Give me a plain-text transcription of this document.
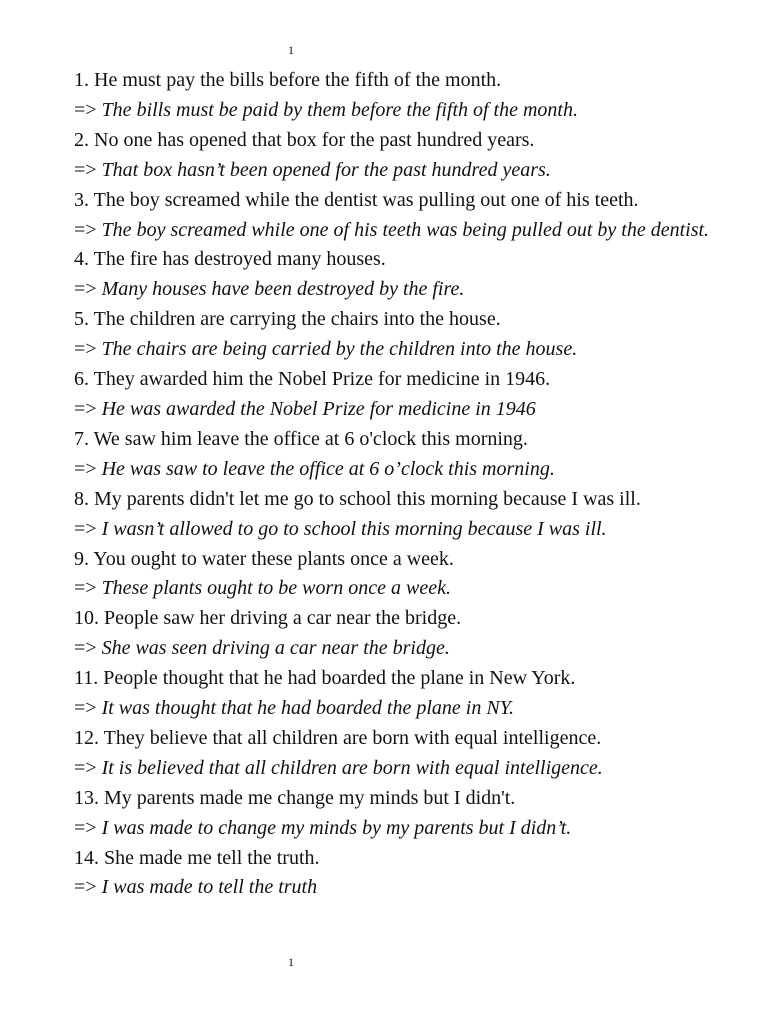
1

1. He must pay the bills before the fifth of the month.

=> The bills must be paid by them before the fifth of the month.

2. No one has opened that box for the past hundred years.

=> That box hasn’t been opened for the past hundred years.

3. The boy screamed while the dentist was pulling out one of his teeth.

=> The boy screamed while one of his teeth was being pulled out by the dentist.

4. The fire has destroyed many houses.

=> Many houses have been destroyed by the fire.

5. The children are carrying the chairs into the house.

=> The chairs are being carried by the children into the house.

6. They awarded him the Nobel Prize for medicine in 1946.

=> He was awarded the Nobel Prize for medicine in 1946

7. We saw him leave the office at 6 o'clock this morning.

=> He was saw to leave the office at 6 o’clock this morning.

8. My parents didn't let me go to school this morning because I was ill.

=> I wasn’t allowed to go to school this morning because I was ill.

9. You ought to water these plants once a week.

=> These plants ought to be worn once a week.

10. People saw her driving a car near the bridge.

=> She was seen driving a car near the bridge.

11. People thought that he had boarded the plane in New York.

=> It was thought that he had boarded the plane in NY.

12. They believe that all children are born with equal intelligence.

=> It is believed that all children are born with equal intelligence.

13. My parents made me change my minds but I didn't.

=> I was made to change my minds by my parents but I didn’t.

14. She made me tell the truth.

=> I was made to tell the truth

1
